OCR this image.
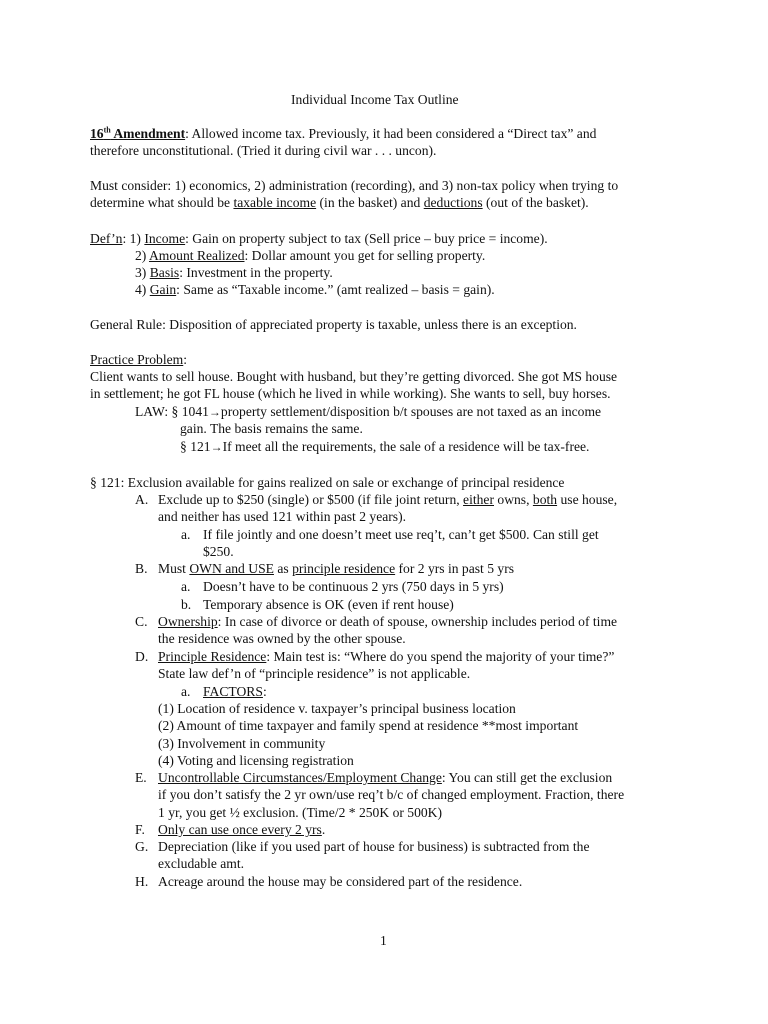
Individual Income Tax Outline
16th Amendment: Allowed income tax. Previously, it had been considered a “Direct tax” and
therefore unconstitutional. (Tried it during civil war . . . uncon).
Must consider: 1) economics, 2) administration (recording), and 3) non-tax policy when trying to
determine what should be taxable income (in the basket) and deductions (out of the basket).
Def’n: 1) Income: Gain on property subject to tax (Sell price – buy price = income).
2) Amount Realized: Dollar amount you get for selling property.
3) Basis: Investment in the property.
4) Gain: Same as “Taxable income.” (amt realized – basis = gain).
General Rule: Disposition of appreciated property is taxable, unless there is an exception.
Practice Problem:
Client wants to sell house. Bought with husband, but they’re getting divorced. She got MS house
in settlement; he got FL house (which he lived in while working). She wants to sell, buy horses.
LAW: § 1041→property settlement/disposition b/t spouses are not taxed as an income
gain. The basis remains the same.
§ 121→If meet all the requirements, the sale of a residence will be tax-free.
§ 121: Exclusion available for gains realized on sale or exchange of principal residence
A. Exclude up to $250 (single) or $500 (if file joint return, either owns, both use house,
and neither has used 121 within past 2 years).
a. If file jointly and one doesn’t meet use req’t, can’t get $500. Can still get
$250.
B. Must OWN and USE as principle residence for 2 yrs in past 5 yrs
a. Doesn’t have to be continuous 2 yrs (750 days in 5 yrs)
b. Temporary absence is OK (even if rent house)
C. Ownership: In case of divorce or death of spouse, ownership includes period of time
the residence was owned by the other spouse.
D. Principle Residence: Main test is: “Where do you spend the majority of your time?”
State law def’n of “principle residence” is not applicable.
a. FACTORS:
(1) Location of residence v. taxpayer’s principal business location
(2) Amount of time taxpayer and family spend at residence **most important
(3) Involvement in community
(4) Voting and licensing registration
E. Uncontrollable Circumstances/Employment Change: You can still get the exclusion
if you don’t satisfy the 2 yr own/use req’t b/c of changed employment. Fraction, there
1 yr, you get ½ exclusion. (Time/2 * 250K or 500K)
F. Only can use once every 2 yrs.
G. Depreciation (like if you used part of house for business) is subtracted from the
excludable amt.
H. Acreage around the house may be considered part of the residence.
1
